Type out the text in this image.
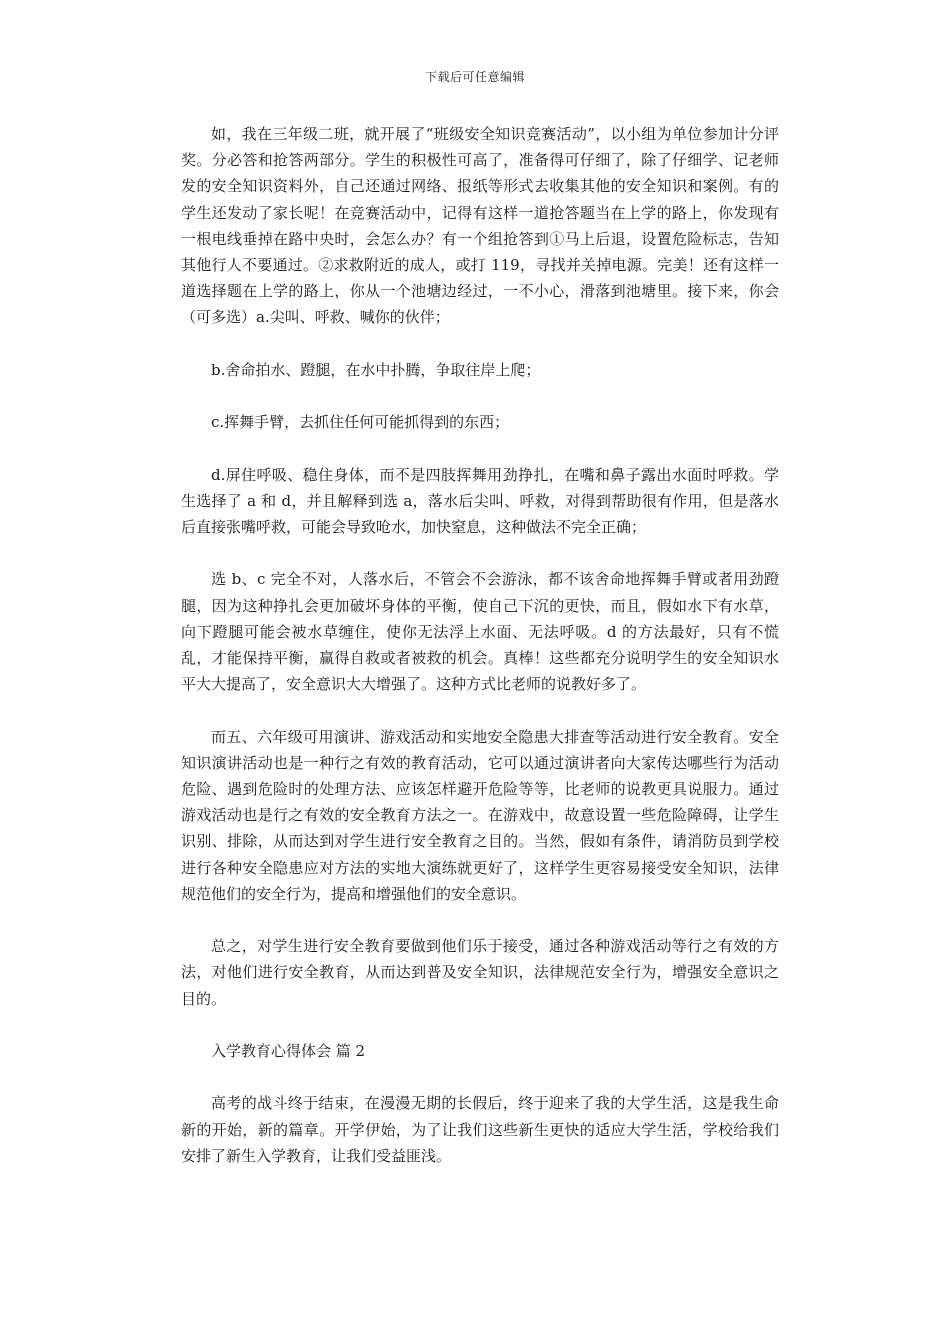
下载后可任意编辑

如，我在三年级二班，就开展了“班级安全知识竞赛活动”，以小组为单位参加计分评奖。分必答和抢答两部分。学生的积极性可高了，准备得可仔细了，除了仔细学、记老师发的安全知识资料外，自己还通过网络、报纸等形式去收集其他的安全知识和案例。有的学生还发动了家长呢！在竞赛活动中，记得有这样一道抢答题当在上学的路上，你发现有一根电线垂掉在路中央时，会怎么办？有一个组抢答到①马上后退，设置危险标志，告知其他行人不要通过。②求救附近的成人，或打 119，寻找并关掉电源。完美！还有这样一道选择题在上学的路上，你从一个池塘边经过，一不小心，滑落到池塘里。接下来，你会（可多选）a.尖叫、呼救、喊你的伙伴；

b.舍命拍水、蹬腿，在水中扑腾，争取往岸上爬；

c.挥舞手臂，去抓住任何可能抓得到的东西；

d.屏住呼吸、稳住身体，而不是四肢挥舞用劲挣扎，在嘴和鼻子露出水面时呼救。学生选择了 a 和 d，并且解释到选 a，落水后尖叫、呼救，对得到帮助很有作用，但是落水后直接张嘴呼救，可能会导致呛水，加快窒息，这种做法不完全正确；

选 b、c 完全不对，人落水后，不管会不会游泳，都不该舍命地挥舞手臂或者用劲蹬腿，因为这种挣扎会更加破坏身体的平衡，使自己下沉的更快，而且，假如水下有水草，向下蹬腿可能会被水草缠住，使你无法浮上水面、无法呼吸。d 的方法最好，只有不慌乱，才能保持平衡，赢得自救或者被救的机会。真棒！这些都充分说明学生的安全知识水平大大提高了，安全意识大大增强了。这种方式比老师的说教好多了。

而五、六年级可用演讲、游戏活动和实地安全隐患大排查等活动进行安全教育。安全知识演讲活动也是一种行之有效的教育活动，它可以通过演讲者向大家传达哪些行为活动危险、遇到危险时的处理方法、应该怎样避开危险等等，比老师的说教更具说服力。通过游戏活动也是行之有效的安全教育方法之一。在游戏中，故意设置一些危险障碍，让学生识别、排除，从而达到对学生进行安全教育之目的。当然，假如有条件，请消防员到学校进行各种安全隐患应对方法的实地大演练就更好了，这样学生更容易接受安全知识，法律规范他们的安全行为，提高和增强他们的安全意识。

总之，对学生进行安全教育要做到他们乐于接受，通过各种游戏活动等行之有效的方法，对他们进行安全教育，从而达到普及安全知识，法律规范安全行为，增强安全意识之目的。

入学教育心得体会 篇 2

高考的战斗终于结束，在漫漫无期的长假后，终于迎来了我的大学生活，这是我生命新的开始，新的篇章。开学伊始，为了让我们这些新生更快的适应大学生活，学校给我们安排了新生入学教育，让我们受益匪浅。
